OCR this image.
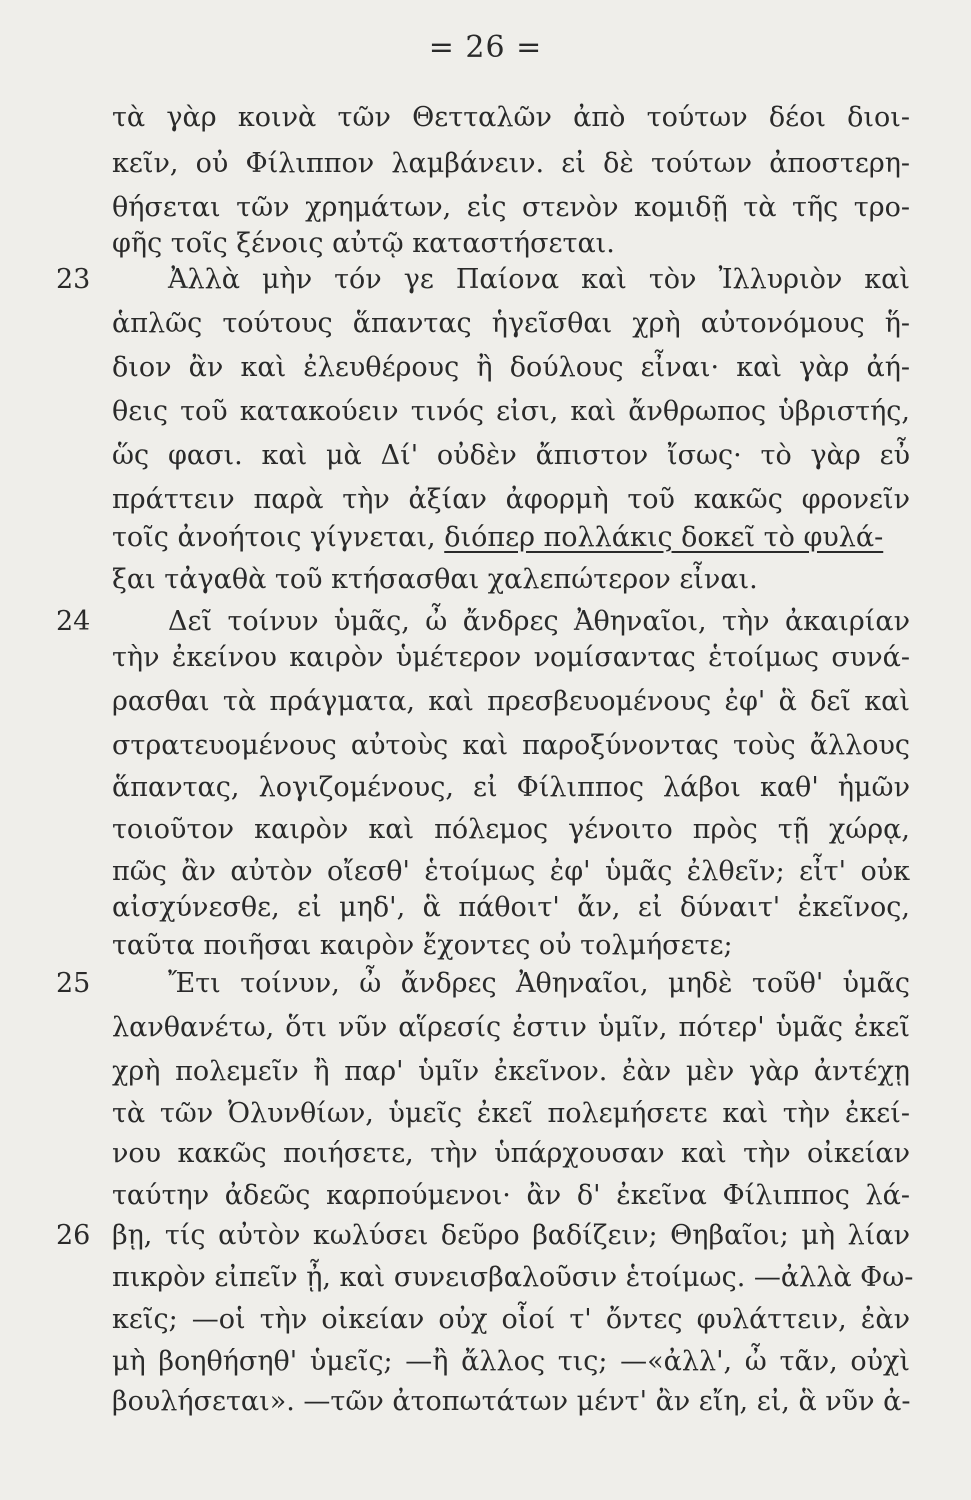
= 26 =
23
24
25
26
τὰ γὰρ κοινὰ τῶν Θετταλῶν ἀπὸ τούτων δέοι διοι-
κεῖν, οὐ Φίλιππον λαμβάνειν. εἰ δὲ τούτων ἀποστερη-
θήσεται τῶν χρημάτων, εἰς στενὸν κομιδῇ τὰ τῆς τρο-
φῆς τοῖς ξένοις αὐτῷ καταστήσεται.
Ἀλλὰ μὴν τόν γε Παίονα καὶ τὸν Ἰλλυριὸν καὶ
ἁπλῶς τούτους ἅπαντας ἡγεῖσθαι χρὴ αὐτονόμους ἥ-
διον ἂν καὶ ἐλευθέρους ἢ δούλους εἶναι· καὶ γὰρ ἀή-
θεις τοῦ κατακούειν τινός εἰσι, καὶ ἄνθρωπος ὑβριστής,
ὥς φασι. καὶ μὰ Δί' οὐδὲν ἄπιστον ἴσως· τὸ γὰρ εὖ
πράττειν παρὰ τὴν ἀξίαν ἀφορμὴ τοῦ κακῶς φρονεῖν
τοῖς ἀνοήτοις γίγνεται, διόπερ πολλάκις δοκεῖ τὸ φυλά-
ξαι τἀγαθὰ τοῦ κτήσασθαι χαλεπώτερον εἶναι.
Δεῖ τοίνυν ὑμᾶς, ὦ ἄνδρες Ἀθηναῖοι, τὴν ἀκαιρίαν
τὴν ἐκείνου καιρὸν ὑμέτερον νομίσαντας ἑτοίμως συνά-
ρασθαι τὰ πράγματα, καὶ πρεσβευομένους ἐφ' ἃ δεῖ καὶ
στρατευομένους αὐτοὺς καὶ παροξύνοντας τοὺς ἄλλους
ἅπαντας, λογιζομένους, εἰ Φίλιππος λάβοι καθ' ἡμῶν
τοιοῦτον καιρὸν καὶ πόλεμος γένοιτο πρὸς τῇ χώρᾳ,
πῶς ἂν αὐτὸν οἴεσθ' ἑτοίμως ἐφ' ὑμᾶς ἐλθεῖν; εἶτ' οὐκ
αἰσχύνεσθε, εἰ μηδ', ἃ πάθοιτ' ἄν, εἰ δύναιτ' ἐκεῖνος,
ταῦτα ποιῆσαι καιρὸν ἔχοντες οὐ τολμήσετε;
Ἔτι τοίνυν, ὦ ἄνδρες Ἀθηναῖοι, μηδὲ τοῦθ' ὑμᾶς
λανθανέτω, ὅτι νῦν αἵρεσίς ἐστιν ὑμῖν, πότερ' ὑμᾶς ἐκεῖ
χρὴ πολεμεῖν ἢ παρ' ὑμῖν ἐκεῖνον. ἐὰν μὲν γὰρ ἀντέχῃ
τὰ τῶν Ὀλυνθίων, ὑμεῖς ἐκεῖ πολεμήσετε καὶ τὴν ἐκεί-
νου κακῶς ποιήσετε, τὴν ὑπάρχουσαν καὶ τὴν οἰκείαν
ταύτην ἀδεῶς καρπούμενοι· ἂν δ' ἐκεῖνα Φίλιππος λά-
βῃ, τίς αὐτὸν κωλύσει δεῦρο βαδίζειν; Θηβαῖοι; μὴ λίαν
πικρὸν εἰπεῖν ᾖ, καὶ συνεισβαλοῦσιν ἑτοίμως. —ἀλλὰ Φω-
κεῖς; —οἱ τὴν οἰκείαν οὐχ οἷοί τ' ὄντες φυλάττειν, ἐὰν
μὴ βοηθήσηθ' ὑμεῖς; —ἢ ἄλλος τις; —«ἀλλ', ὦ τᾶν, οὐχὶ
βουλήσεται». —τῶν ἀτοπωτάτων μέντ' ἂν εἴη, εἰ, ἃ νῦν ἀ-
